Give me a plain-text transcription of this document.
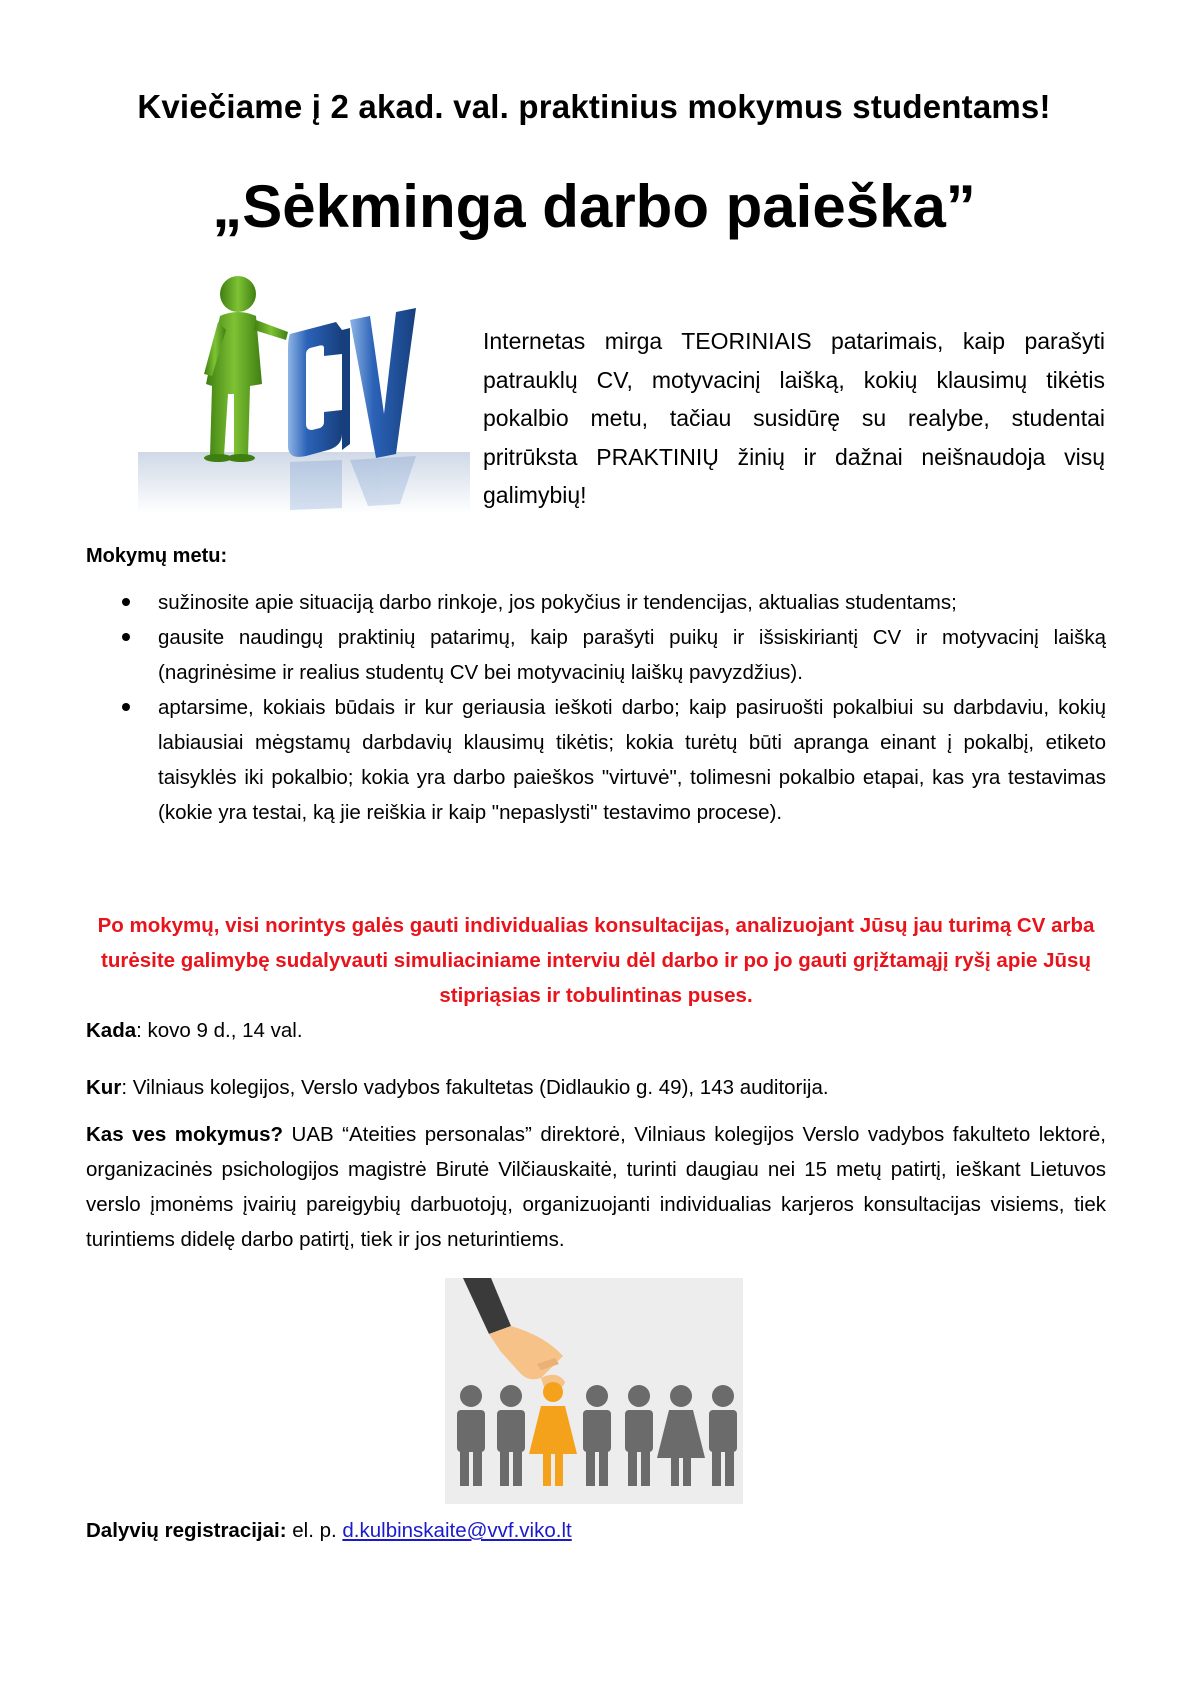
Kviečiame į 2 akad. val. praktinius mokymus studentams!
„Sėkminga darbo paieška”
CV
Internetas mirga TEORINIAIS patarimais, kaip parašyti patrauklų CV, motyvacinį laišką, kokių klausimų tikėtis pokalbio metu, tačiau susidūrę su realybe, studentai pritrūksta PRAKTINIŲ žinių ir dažnai neišnaudoja visų galimybių!
Mokymų metu:
sužinosite apie situaciją darbo rinkoje, jos pokyčius ir tendencijas, aktualias studentams;
gausite naudingų praktinių patarimų, kaip parašyti puikų ir išsiskiriantį CV ir motyvacinį laišką (nagrinėsime ir realius studentų CV bei motyvacinių laiškų pavyzdžius).
aptarsime, kokiais būdais ir kur geriausia ieškoti darbo; kaip pasiruošti pokalbiui su darbdaviu, kokių labiausiai mėgstamų darbdavių klausimų tikėtis; kokia turėtų būti apranga einant į pokalbį, etiketo taisyklės iki pokalbio; kokia yra darbo paieškos "virtuvė", tolimesni pokalbio etapai, kas yra testavimas (kokie yra testai, ką jie reiškia ir kaip "nepaslysti" testavimo procese).
Po mokymų, visi norintys galės gauti individualias konsultacijas, analizuojant Jūsų jau turimą CV arba turėsite galimybę sudalyvauti simuliaciniame interviu dėl darbo ir po jo gauti grįžtamąjį ryšį apie Jūsų stipriąsias ir tobulintinas puses.
Kada: kovo 9 d., 14 val.
Kur: Vilniaus kolegijos, Verslo vadybos fakultetas (Didlaukio g. 49), 143 auditorija.
Kas ves mokymus? UAB “Ateities personalas” direktorė, Vilniaus kolegijos Verslo vadybos fakulteto lektorė, organizacinės psichologijos magistrė Birutė Vilčiauskaitė, turinti daugiau nei 15 metų patirtį, ieškant Lietuvos verslo įmonėms įvairių pareigybių darbuotojų, organizuojanti individualias karjeros konsultacijas visiems, tiek turintiems didelę darbo patirtį, tiek ir jos neturintiems.
Dalyvių registracijai: el. p. d.kulbinskaite@vvf.viko.lt
